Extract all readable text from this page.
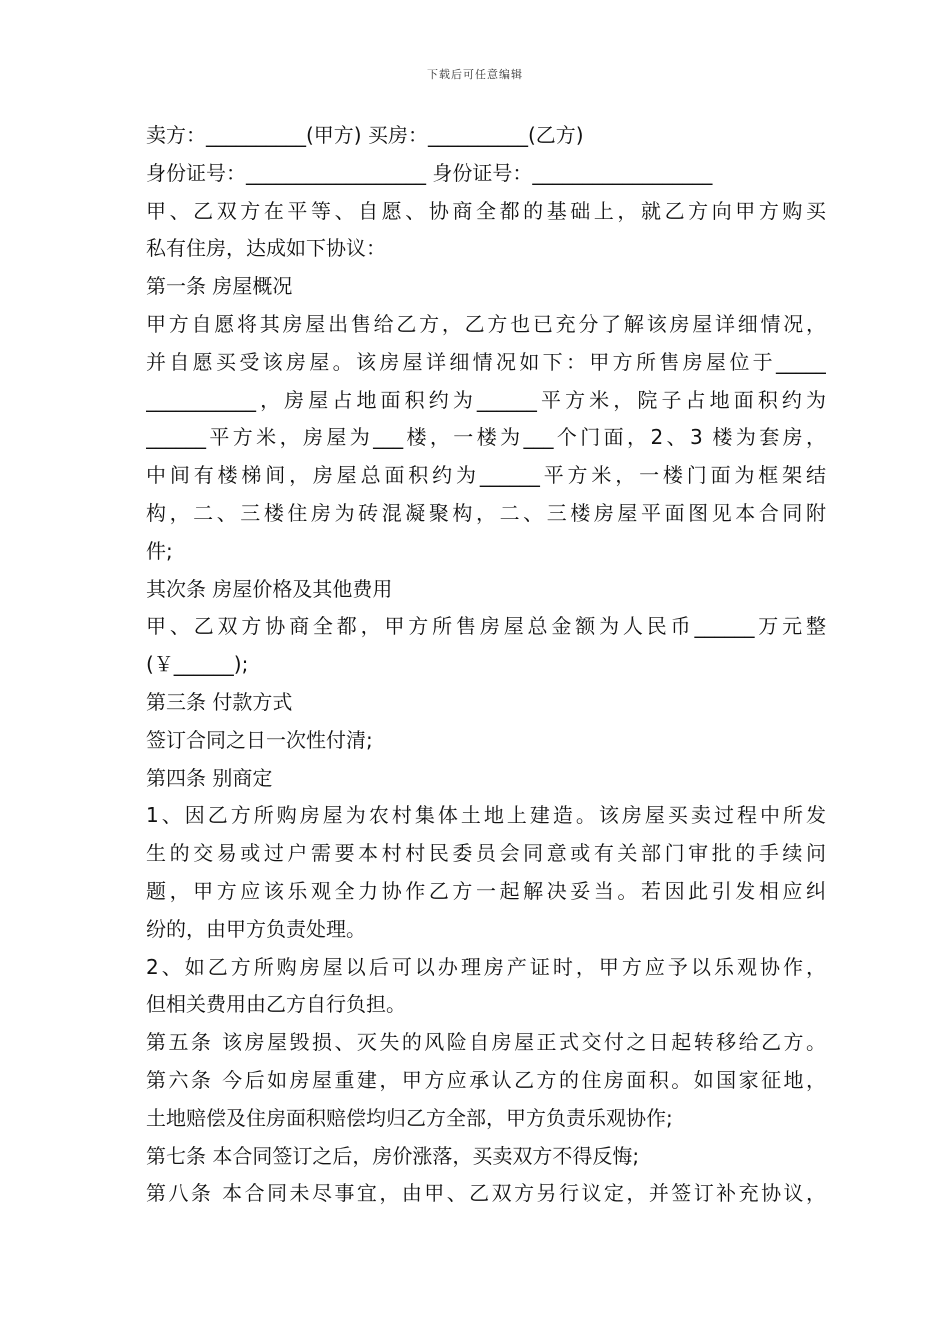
下载后可任意编辑
卖方：__________(甲方) 买房：__________(乙方)
身份证号：__________________ 身份证号：__________________
甲、乙双方在平等、自愿、协商全都的基础上，就乙方向甲方购买
私有住房，达成如下协议：
第一条 房屋概况
甲方自愿将其房屋出售给乙方，乙方也已充分了解该房屋详细情况，
并自愿买受该房屋。该房屋详细情况如下：甲方所售房屋位于_____
___________，房屋占地面积约为______平方米，院子占地面积约为
______平方米，房屋为___楼，一楼为___个门面，2、3 楼为套房，
中间有楼梯间，房屋总面积约为______平方米，一楼门面为框架结
构，二、三楼住房为砖混凝聚构，二、三楼房屋平面图见本合同附
件;
其次条 房屋价格及其他费用
甲、乙双方协商全都，甲方所售房屋总金额为人民币______万元整
(￥______);
第三条 付款方式
签订合同之日一次性付清;
第四条 别商定
1、因乙方所购房屋为农村集体土地上建造。该房屋买卖过程中所发
生的交易或过户需要本村村民委员会同意或有关部门审批的手续问
题，甲方应该乐观全力协作乙方一起解决妥当。若因此引发相应纠
纷的，由甲方负责处理。
2、如乙方所购房屋以后可以办理房产证时，甲方应予以乐观协作，
但相关费用由乙方自行负担。
第五条 该房屋毁损、灭失的风险自房屋正式交付之日起转移给乙方。
第六条 今后如房屋重建，甲方应承认乙方的住房面积。如国家征地，
土地赔偿及住房面积赔偿均归乙方全部，甲方负责乐观协作;
第七条 本合同签订之后，房价涨落，买卖双方不得反悔;
第八条 本合同未尽事宜，由甲、乙双方另行议定，并签订补充协议，
